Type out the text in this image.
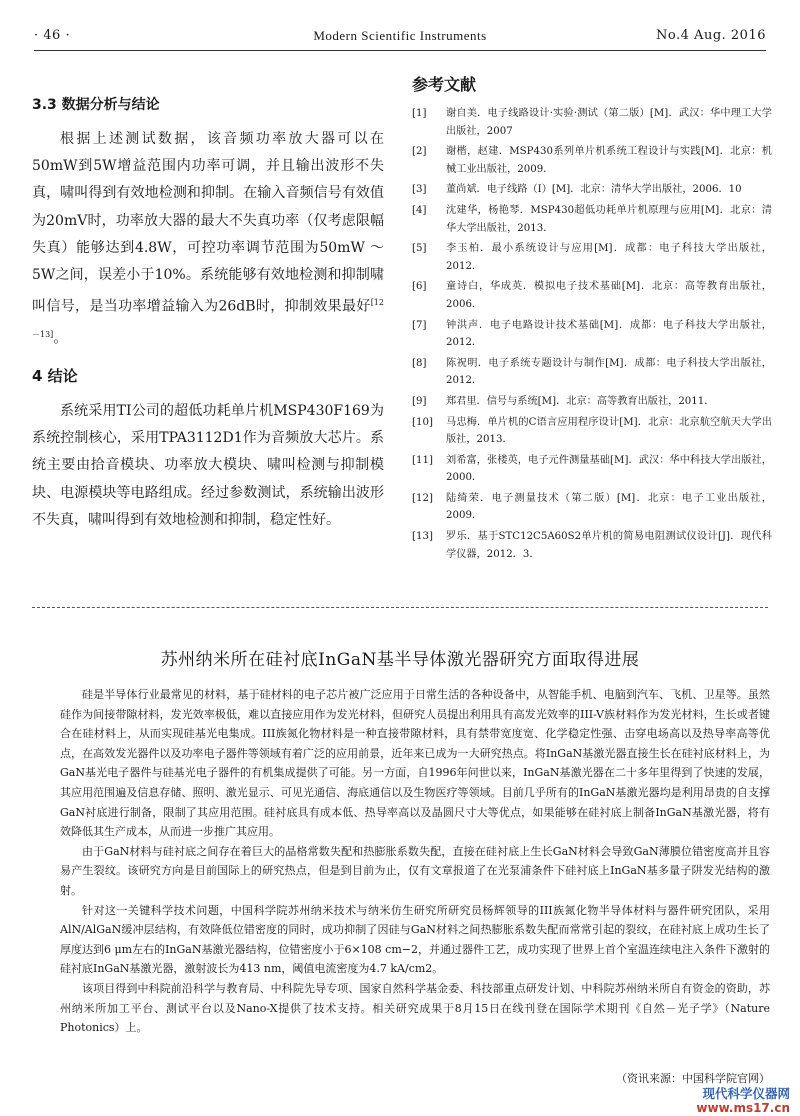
· 46 ·	Modern Scientific Instruments	No.4 Aug. 2016
3.3 数据分析与结论

根据上述测试数据，该音频功率放大器可以在50mW到5W增益范围内功率可调，并且输出波形不失真，啸叫得到有效地检测和抑制。在输入音频信号有效值为20mV时，功率放大器的最大不失真功率（仅考虑限幅失真）能够达到4.8W，可控功率调节范围为50mW ～ 5W之间，误差小于10%。系统能够有效地检测和抑制啸叫信号，是当功率增益输入为26dB时，抑制效果最好[12－13]。

4 结论

系统采用TI公司的超低功耗单片机MSP430F169为系统控制核心，采用TPA3112D1作为音频放大芯片。系统主要由拾音模块、功率放大模块、啸叫检测与抑制模块、电源模块等电路组成。经过参数测试，系统输出波形不失真，啸叫得到有效地检测和抑制，稳定性好。

参考文献
[1]	谢自美．电子线路设计·实验·测试（第二版）[M]．武汉：华中理工大学出版社，2007
[2]	谢楷，赵建．MSP430系列单片机系统工程设计与实践[M]．北京：机械工业出版社，2009．
[3]	董尚斌．电子线路（Ⅰ）[M]．北京：清华大学出版社，2006．10
[4]	沈建华，杨艳琴．MSP430超低功耗单片机原理与应用[M]．北京：清华大学出版社，2013．
[5]	李玉柏．最小系统设计与应用[M]．成都：电子科技大学出版社，2012．
[6]	童诗白，华成英．模拟电子技术基础[M]．北京：高等教育出版社，2006．
[7]	钟洪声．电子电路设计技术基础[M]．成都：电子科技大学出版社，2012．
[8]	陈祝明．电子系统专题设计与制作[M]．成都：电子科技大学出版社，2012．
[9]	郑君里．信号与系统[M]．北京：高等教育出版社，2011．
[10]	马忠梅．单片机的C语言应用程序设计[M]．北京：北京航空航天大学出版社，2013．
[11]	刘希富，张楼英，电子元件测量基础[M]．武汉：华中科技大学出版社，2000．
[12]	陆绮荣．电子测量技术（第二版）[M]．北京：电子工业出版社，2009．
[13]	罗乐．基于STC12C5A60S2单片机的简易电阻测试仪设计[J]．现代科学仪器，2012．3．
苏州纳米所在硅衬底InGaN基半导体激光器研究方面取得进展

硅是半导体行业最常见的材料，基于硅材料的电子芯片被广泛应用于日常生活的各种设备中，从智能手机、电脑到汽车、飞机、卫星等。虽然硅作为间接带隙材料，发光效率极低，难以直接应用作为发光材料，但研究人员提出利用具有高发光效率的III-V族材料作为发光材料，生长或者键合在硅材料上，从而实现硅基光电集成。III族氮化物材料是一种直接带隙材料，具有禁带宽度宽、化学稳定性强、击穿电场高以及热导率高等优点，在高效发光器件以及功率电子器件等领域有着广泛的应用前景，近年来已成为一大研究热点。将InGaN基激光器直接生长在硅衬底材料上，为GaN基光电子器件与硅基光电子器件的有机集成提供了可能。另一方面，自1996年问世以来，InGaN基激光器在二十多年里得到了快速的发展，其应用范围遍及信息存储、照明、激光显示、可见光通信、海底通信以及生物医疗等领域。目前几乎所有的InGaN基激光器均是利用昂贵的自支撑GaN衬底进行制备，限制了其应用范围。硅衬底具有成本低、热导率高以及晶圆尺寸大等优点，如果能够在硅衬底上制备InGaN基激光器，将有效降低其生产成本，从而进一步推广其应用。

由于GaN材料与硅衬底之间存在着巨大的晶格常数失配和热膨胀系数失配，直接在硅衬底上生长GaN材料会导致GaN薄膜位错密度高并且容易产生裂纹。该研究方向是目前国际上的研究热点，但是到目前为止，仅有文章报道了在光泵浦条件下硅衬底上InGaN基多量子阱发光结构的激射。

针对这一关键科学技术问题，中国科学院苏州纳米技术与纳米仿生研究所研究员杨辉领导的III族氮化物半导体材料与器件研究团队，采用AlN/AlGaN缓冲层结构，有效降低位错密度的同时，成功抑制了因硅与GaN材料之间热膨胀系数失配而常常引起的裂纹，在硅衬底上成功生长了厚度达到6 μm左右的InGaN基激光器结构，位错密度小于6×108 cm−2，并通过器件工艺，成功实现了世界上首个室温连续电注入条件下激射的硅衬底InGaN基激光器，激射波长为413 nm，阈值电流密度为4.7 kA/cm2。

该项目得到中科院前沿科学与教育局、中科院先导专项、国家自然科学基金委、科技部重点研发计划、中科院苏州纳米所自有资金的资助，苏州纳米所加工平台、测试平台以及Nano-X提供了技术支持。相关研究成果于8月15日在线刊登在国际学术期刊《自然－光子学》（Nature Photonics）上。

（资讯来源：中国科学院官网）
现代科学仪器网
www.ms17.cn
